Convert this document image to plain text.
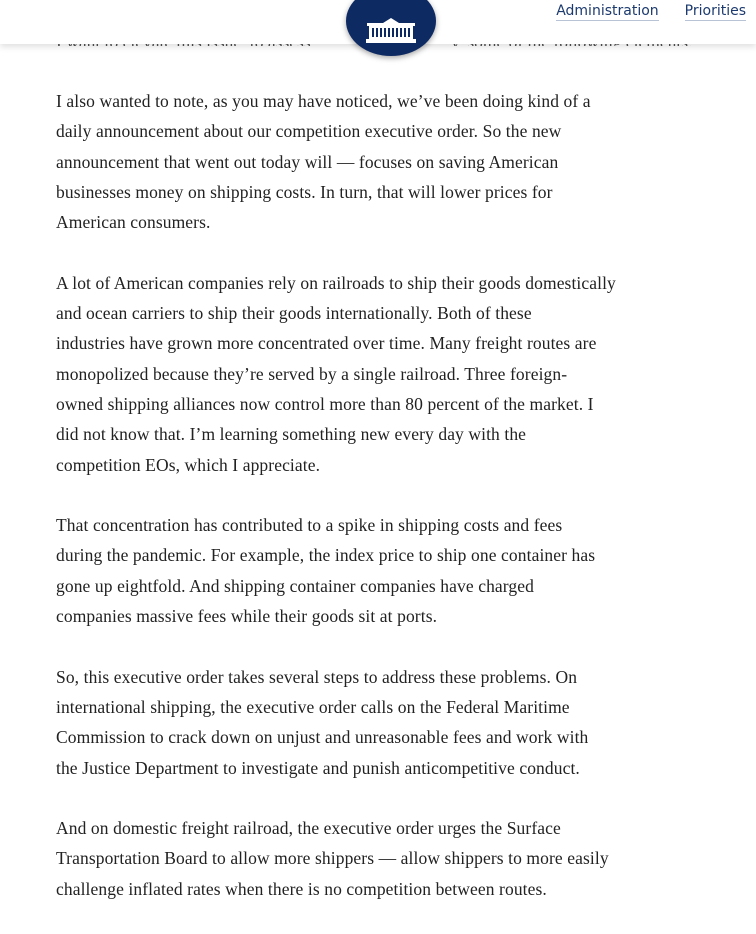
Administration Priorities

I also wanted to note, as you may have noticed, we’ve been doing kind of a
daily announcement about our competition executive order. So the new
announcement that went out today will — focuses on saving American
businesses money on shipping costs. In turn, that will lower prices for
American consumers.

A lot of American companies rely on railroads to ship their goods domestically
and ocean carriers to ship their goods internationally. Both of these
industries have grown more concentrated over time. Many freight routes are
monopolized because they’re served by a single railroad. Three foreign-
owned shipping alliances now control more than 80 percent of the market. I
did not know that. I’m learning something new every day with the
competition EOs, which I appreciate.

That concentration has contributed to a spike in shipping costs and fees
during the pandemic. For example, the index price to ship one container has
gone up eightfold. And shipping container companies have charged
companies massive fees while their goods sit at ports.

So, this executive order takes several steps to address these problems. On
international shipping, the executive order calls on the Federal Maritime
Commission to crack down on unjust and unreasonable fees and work with
the Justice Department to investigate and punish anticompetitive conduct.

And on domestic freight railroad, the executive order urges the Surface
Transportation Board to allow more shippers — allow shippers to more easily
challenge inflated rates when there is no competition between routes.
